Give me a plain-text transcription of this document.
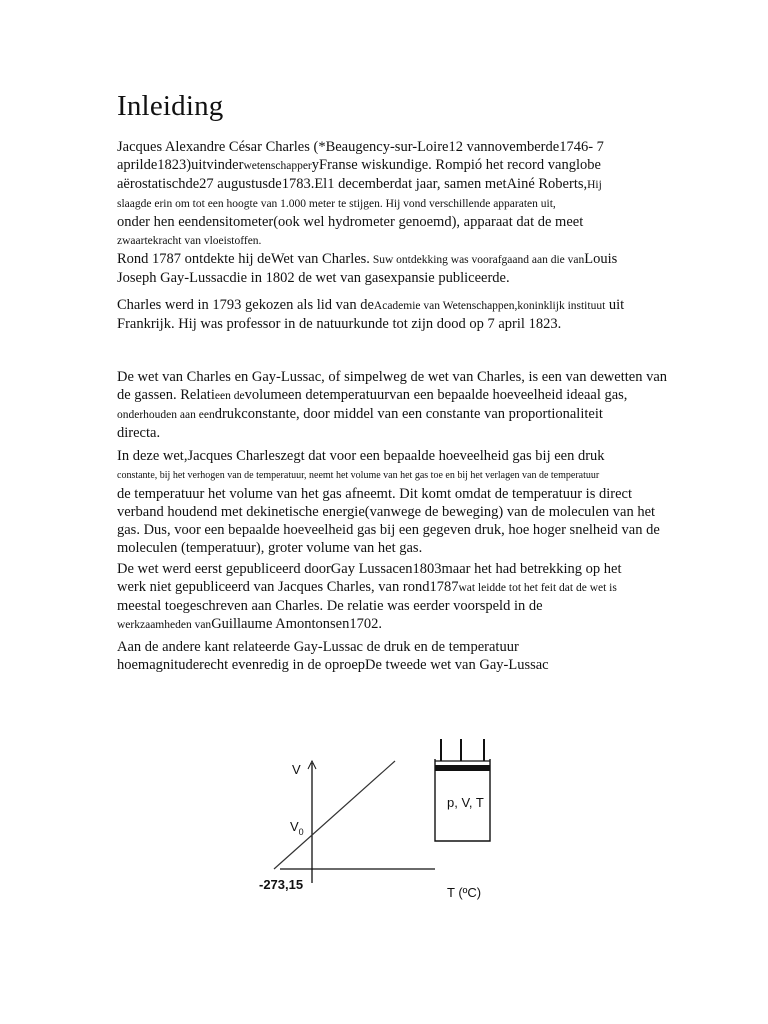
Inleiding

Jacques Alexandre César Charles (*Beaugency-sur-Loire12 vannovemberde1746- 7 aprilde1823)uitvinderwetenschapperyFranse wiskundige. Rompió het record vanglobe aërostatischde27 augustusde1783.El1 decemberdat jaar, samen metAiné Roberts,Hij slaagde erin om tot een hoogte van 1.000 meter te stijgen. Hij vond verschillende apparaten uit,
onder hen eendensitometer(ook wel hydrometer genoemd), apparaat dat de meet
zwaartekracht van vloeistoffen.

Rond 1787 ontdekte hij deWet van Charles. Suw ontdekking was voorafgaand aan die vanLouis Joseph Gay-Lussacdie in 1802 de wet van gasexpansie publiceerde.

Charles werd in 1793 gekozen als lid van deAcademie van Wetenschappen,koninklijk instituut uit Frankrijk. Hij was professor in de natuurkunde tot zijn dood op 7 april 1823.

De wet van Charles en Gay-Lussac, of simpelweg de wet van Charles, is een van dewetten van de gassen. Relatieen devolumeen detemperatuurvan een bepaalde hoeveelheid ideaal gas,
onderhouden aan eendrukconstante, door middel van een constante van proportionaliteit
directa.

In deze wet,Jacques Charleszegt dat voor een bepaalde hoeveelheid gas bij een druk
constante, bij het verhogen van de temperatuur, neemt het volume van het gas toe en bij het verlagen van de temperatuur
de temperatuur het volume van het gas afneemt. Dit komt omdat de temperatuur is direct verband houdend met dekinetische energie(vanwege de beweging) van de moleculen van het gas. Dus, voor een bepaalde hoeveelheid gas bij een gegeven druk, hoe hoger snelheid van de moleculen (temperatuur), groter volume van het gas.

De wet werd eerst gepubliceerd doorGay Lussacen1803maar het had betrekking op het werk niet gepubliceerd van Jacques Charles, van rond1787wat leidde tot het feit dat de wet is meestal toegeschreven aan Charles. De relatie was eerder voorspeld in de
werkzaamheden vanGuillaume Amontonsen1702.

Aan de andere kant relateerde Gay-Lussac de druk en de temperatuur hoemagnituderecht evenredig in de oproepDe tweede wet van Gay-Lussac

V
$V_0$
-273,15
T (ºC)
p, V, T
